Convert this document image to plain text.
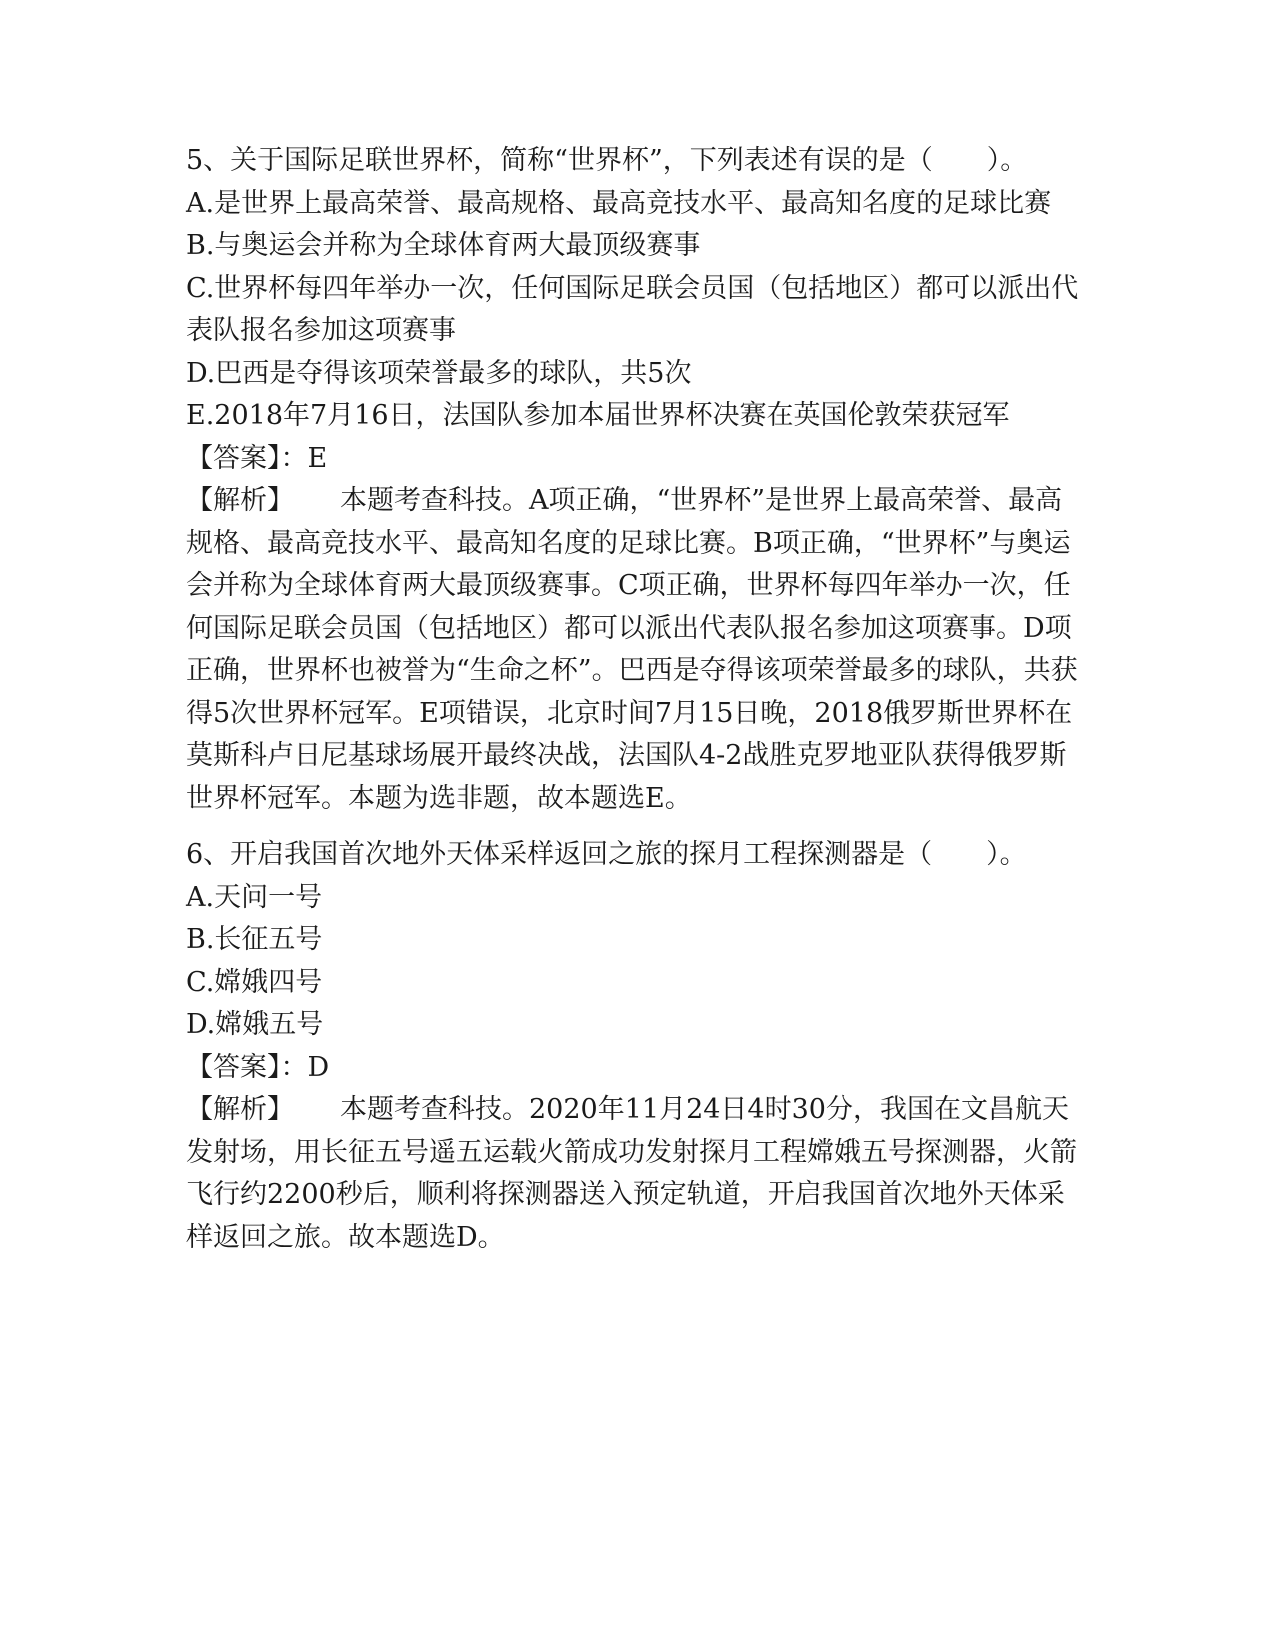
5、关于国际足联世界杯，简称“世界杯”，下列表述有误的是（　　）。

A.是世界上最高荣誉、最高规格、最高竞技水平、最高知名度的足球比赛

B.与奥运会并称为全球体育两大最顶级赛事

C.世界杯每四年举办一次，任何国际足联会员国（包括地区）都可以派出代表队报名参加这项赛事

D.巴西是夺得该项荣誉最多的球队，共5次

E.2018年7月16日，法国队参加本届世界杯决赛在英国伦敦荣获冠军

【答案】：E

【解析】 本题考查科技。A项正确，“世界杯”是世界上最高荣誉、最高规格、最高竞技水平、最高知名度的足球比赛。B项正确，“世界杯”与奥运会并称为全球体育两大最顶级赛事。C项正确，世界杯每四年举办一次，任何国际足联会员国（包括地区）都可以派出代表队报名参加这项赛事。D项正确，世界杯也被誉为“生命之杯”。巴西是夺得该项荣誉最多的球队，共获得5次世界杯冠军。E项错误，北京时间7月15日晚，2018俄罗斯世界杯在莫斯科卢日尼基球场展开最终决战，法国队4-2战胜克罗地亚队获得俄罗斯世界杯冠军。本题为选非题，故本题选E。

6、开启我国首次地外天体采样返回之旅的探月工程探测器是（　　）。

A.天问一号

B.长征五号

C.嫦娥四号

D.嫦娥五号

【答案】：D

【解析】 本题考查科技。2020年11月24日4时30分，我国在文昌航天发射场，用长征五号遥五运载火箭成功发射探月工程嫦娥五号探测器，火箭飞行约2200秒后，顺利将探测器送入预定轨道，开启我国首次地外天体采样返回之旅。故本题选D。
